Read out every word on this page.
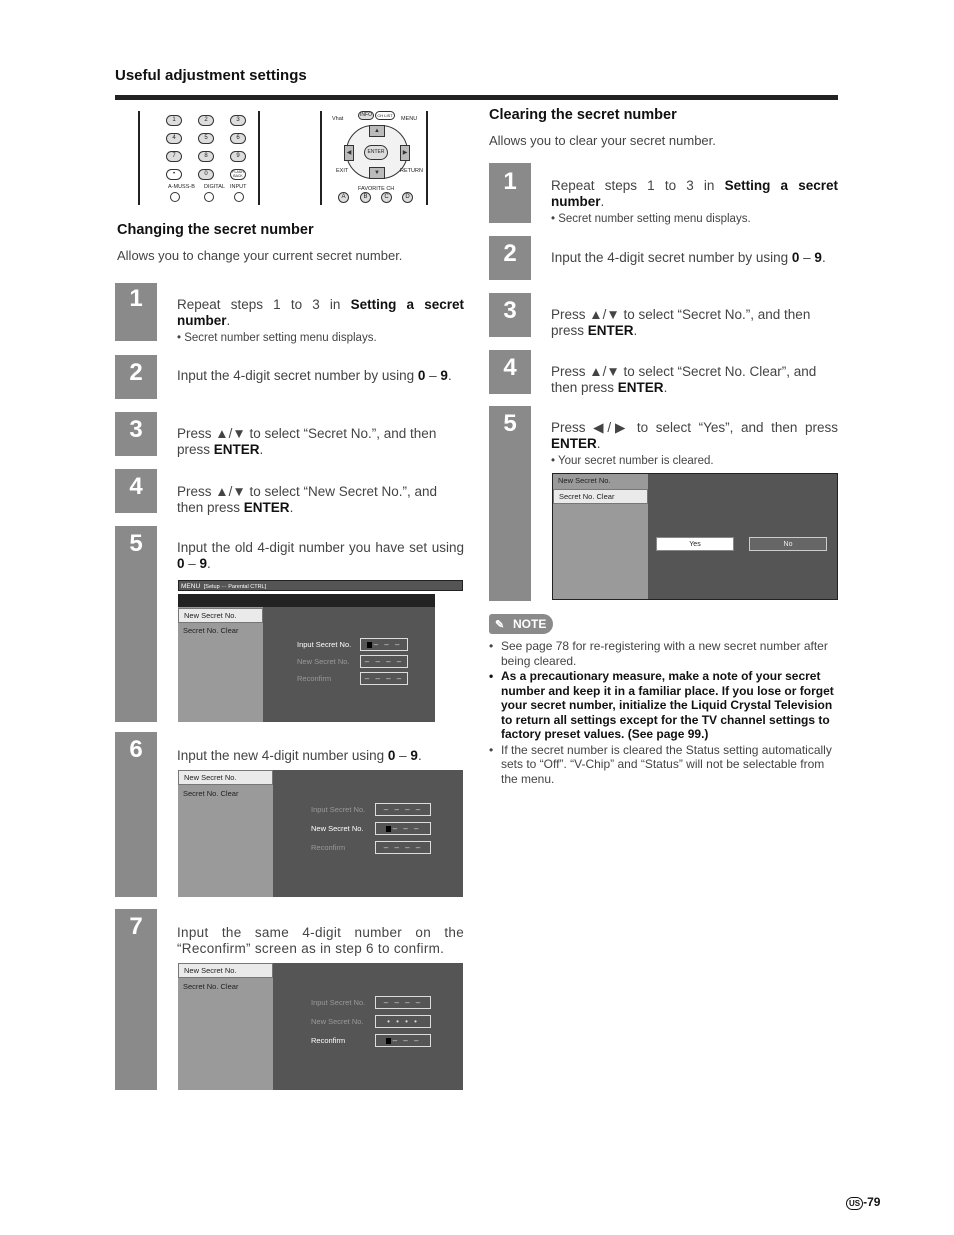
Useful adjustment settings
1	2	3
4	5	6
7	8	9
•	0	FLASH BACK
A-MUSS-B DIGITAL INPUT
Vhat
INFO	CH LIST
MENU
▲
▼
◀	▶
ENTER
EXIT	RETURN
FAVORITE CH
A	B	C	D
Changing the secret number
Allows you to change your current secret number.
1
2
3
4
5
6
7
Repeat steps 1 to 3 in Setting a secret number.
• Secret number setting menu displays.
Input the 4-digit secret number by using 0 – 9.
Press ▲/▼ to select “Secret No.”, and then press ENTER.
Press ▲/▼ to select “New Secret No.”, and then press ENTER.
Input the old 4-digit number you have set using 0 – 9.
MENU [Setup ··· Parental CTRL]
New Secret No.
Secret No. Clear
Input Secret No.
New Secret No.
Reconfirm
– – –
– – – –
– – – –
Input the new 4-digit number using 0 – 9.
New Secret No.
Secret No. Clear
Input Secret No.
New Secret No.
Reconfirm
– – – –
– – –
– – – –
Input the same 4-digit number on the “Reconfirm” screen as in step 6 to confirm.
New Secret No.
Secret No. Clear
Input Secret No.
New Secret No.
Reconfirm
– – – –
• • • •
– – –
Clearing the secret number
Allows you to clear your secret number.
1
2
3
4
5
Repeat steps 1 to 3 in Setting a secret number.
• Secret number setting menu displays.
Input the 4-digit secret number by using 0 – 9.
Press ▲/▼ to select “Secret No.”, and then press ENTER.
Press ▲/▼ to select “Secret No. Clear”, and then press ENTER.
Press ◀/▶ to select “Yes”, and then press ENTER.
• Your secret number is cleared.
New Secret No.
Secret No. Clear
Yes	No
✎ NOTE
• See page 78 for re-registering with a new secret number after being cleared.
• As a precautionary measure, make a note of your secret number and keep it in a familiar place. If you lose or forget your secret number, initialize the Liquid Crystal Television to return all settings except for the TV channel settings to factory preset values. (See page 99.)
• If the secret number is cleared the Status setting automatically sets to “Off”. “V-Chip” and “Status” will not be selectable from the menu.
US -79
